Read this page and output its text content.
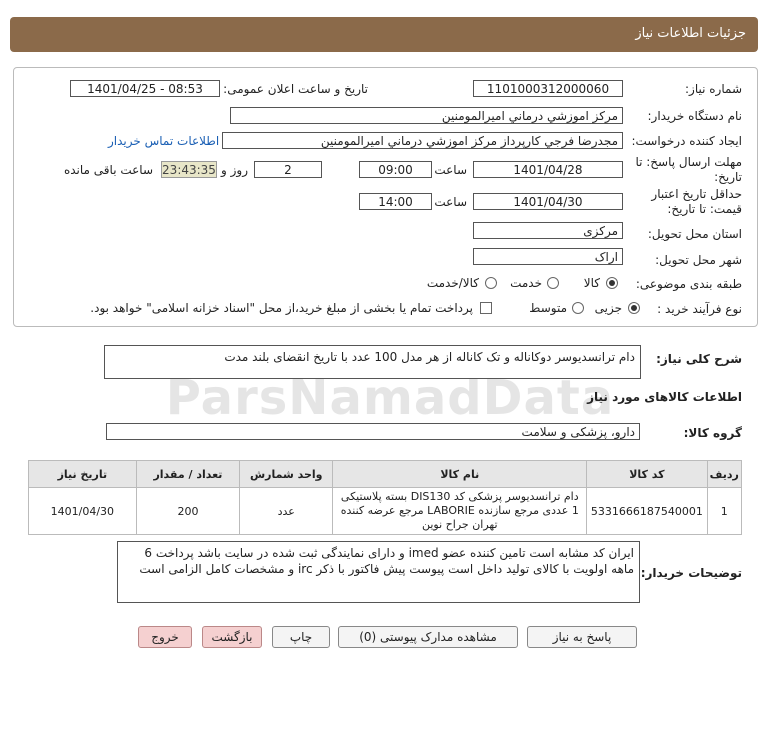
جزئیات اطلاعات نیاز
ParsNamadData
شماره نیاز:
1101000312000060
تاریخ و ساعت اعلان عمومی:
1401/04/25 - 08:53
نام دستگاه خریدار:
مرکز اموزشي درماني اميرالمومنين
ایجاد کننده درخواست:
مجدرضا فرجي کارپرداز مرکز اموزشي درماني اميرالمومنين
اطلاعات تماس خریدار
مهلت ارسال پاسخ: تا
تاریخ:
1401/04/28
ساعت
09:00
2
روز و
23:43:35
ساعت باقی مانده
حداقل تاریخ اعتبار
قیمت: تا تاریخ:
1401/04/30
ساعت
14:00
استان محل تحویل:
مرکزی
شهر محل تحویل:
اراک
طبقه بندی موضوعی:
کالا
خدمت
کالا/خدمت
نوع فرآیند خرید :
جزیی
متوسط
پرداخت تمام یا بخشی از مبلغ خرید،از محل "اسناد خزانه اسلامی" خواهد بود.
شرح کلی نیاز:
دام ترانسديوسر دوکاناله و تک کاناله از هر مدل 100 عدد با تاریخ انقضای بلند مدت
اطلاعات کالاهای مورد نیاز
گروه کالا:
دارو، پزشکی و سلامت
ردیف	کد کالا	نام کالا	واحد شمارش	تعداد / مقدار	تاریخ نیاز
1	5331666187540001	دام ترانسدیوسر پزشکی کد DIS130 بسته پلاستیکی 1 عددی مرجع سازنده LABORIE مرجع عرضه کننده تهران جراح نوین	عدد	200	1401/04/30
توضیحات خریدار:
ایران کد مشابه است تامین کننده عضو imed و دارای نمایندگی ثبت شده در سایت باشد پرداخت 6 ماهه اولویت با کالای تولید داخل است پیوست پیش فاکتور با ذکر irc و مشخصات کامل الزامی است
پاسخ به نیاز
مشاهده مدارک پیوستی (0)
چاپ
بازگشت
خروج
